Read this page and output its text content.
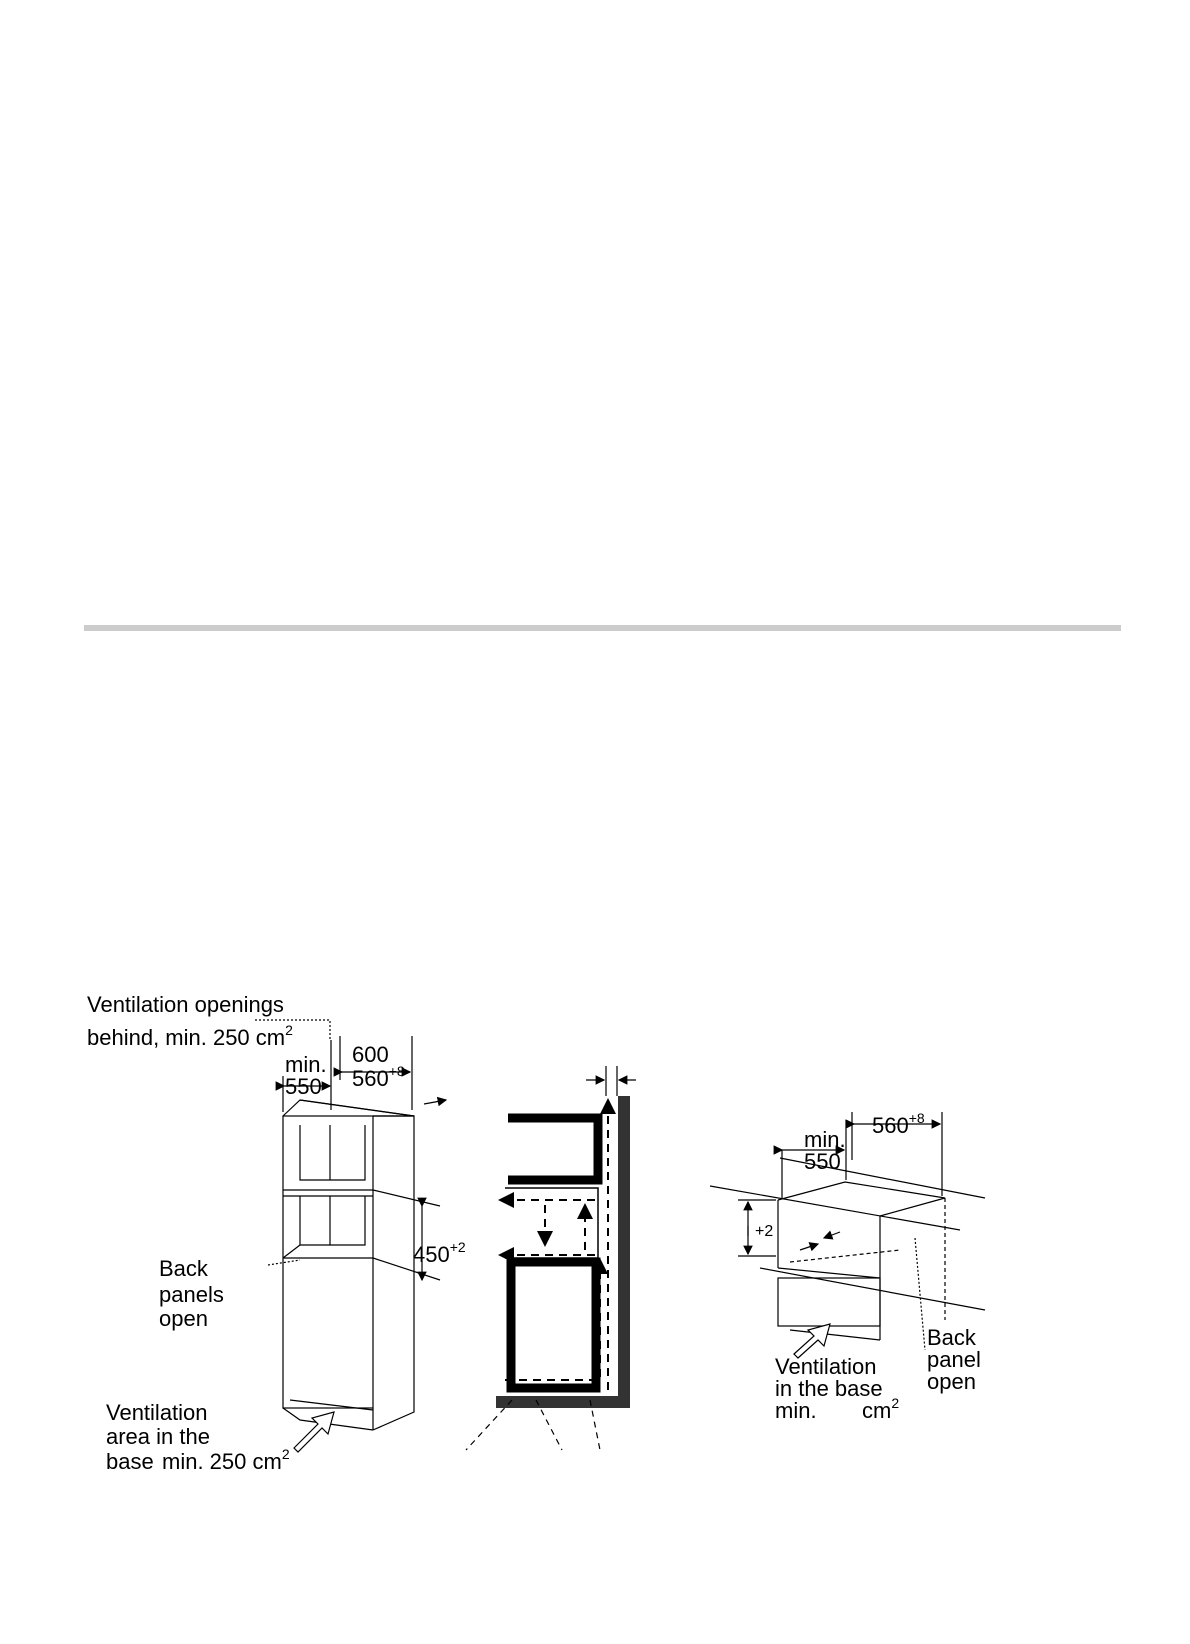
Ventilation openings
behind, min. 250 $cm^2$
600
min.
$560^{+8}$
550
$450^{+2}$
Back
panels
open
Ventilation
area in the
base min. 250 $cm^2$
$560^{+8}$
min.
550
+2
Back
panel
open
Ventilation
in the base
min. $cm^2$
